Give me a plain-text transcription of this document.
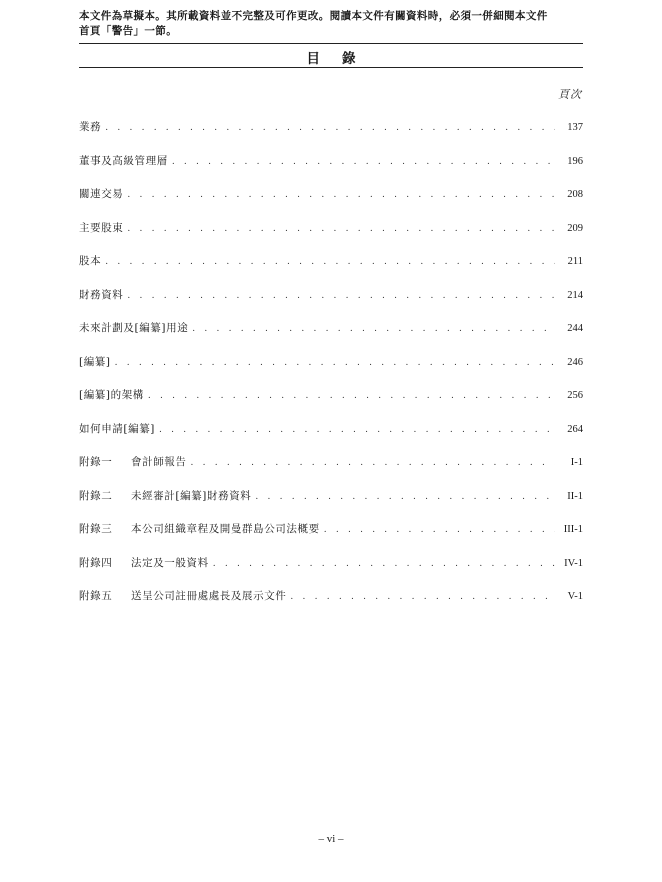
本文件為草擬本。其所載資料並不完整及可作更改。閱讀本文件有關資料時，必須一併細閱本文件
首頁「警告」一節。
目錄
頁次
業務 . . .	137
董事及高級管理層 . . .	196
關連交易 . . .	208
主要股東 . . .	209
股本 . . .	211
財務資料 . . .	214
未來計劃及[編纂]用途 . . .	244
[編纂] . . .	246
[編纂]的架構 . . .	256
如何申請[編纂] . . .	264
附錄一	會計師報告 . . .	I-1
附錄二	未經審計[編纂]財務資料 . . .	II-1
附錄三	本公司組織章程及開曼群島公司法概要 . . .	III-1
附錄四	法定及一般資料 . . .	IV-1
附錄五	送呈公司註冊處處長及展示文件 . . .	V-1
– vi –
